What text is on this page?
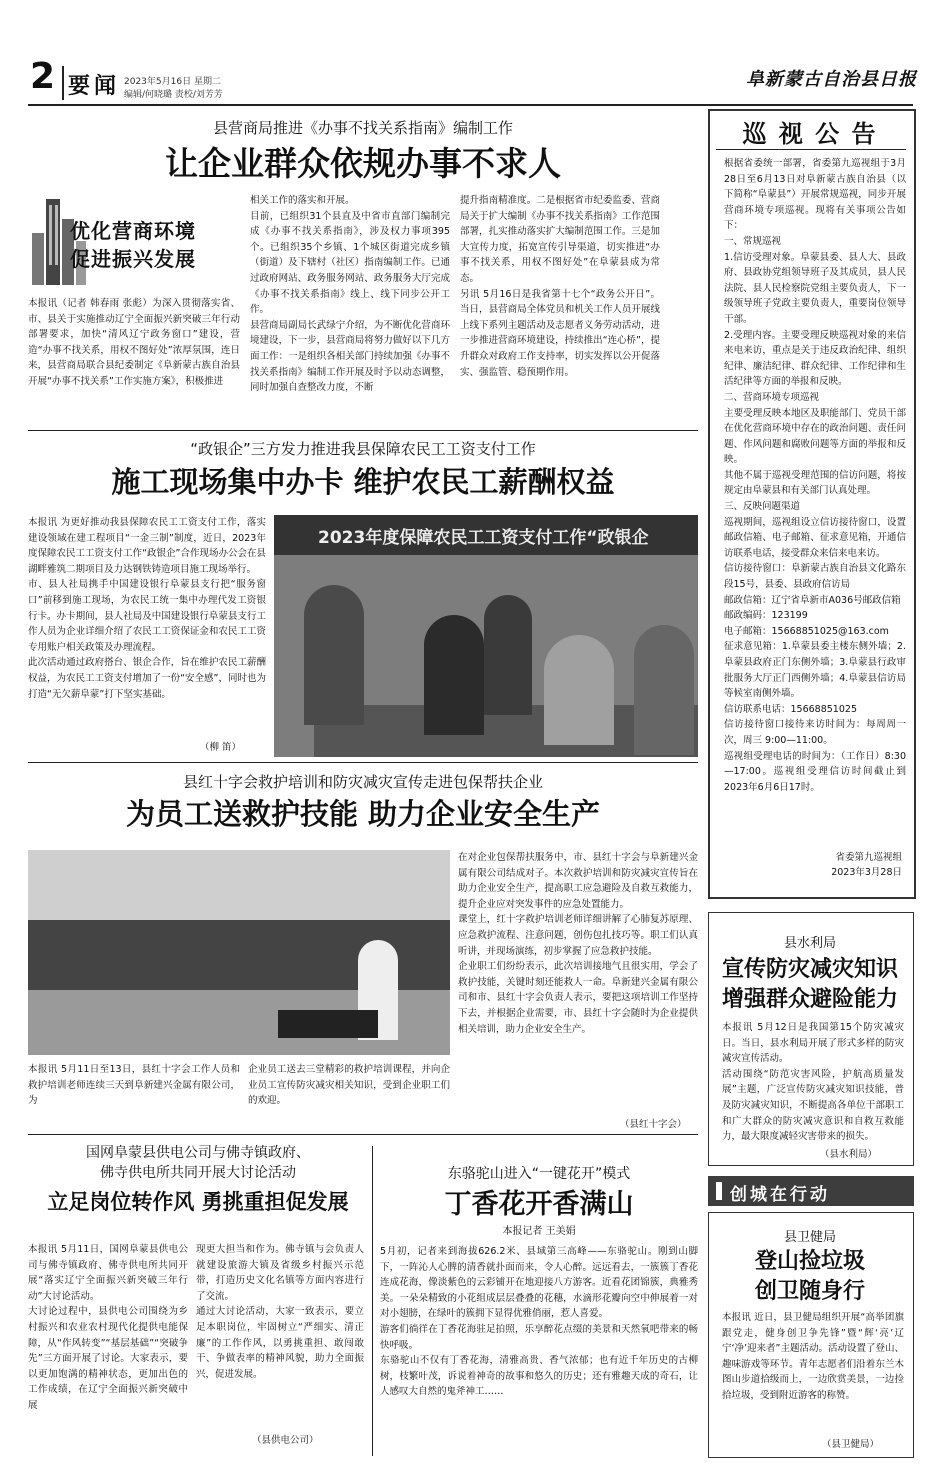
2 要闻 2023年5月16日 星期二
编辑/何晓璐 责校/刘芳芳
阜新蒙古自治县日报
县营商局推进《办事不找关系指南》编制工作
让企业群众依规办事不求人
优化营商环境
促进振兴发展
本报讯（记者 韩春雨 张彪）为深入贯彻落实省、市、县关于实施推动辽宁全面振兴新突破三年行动部署要求，加快“清风辽宁政务窗口”建设，营造“办事不找关系，用权不图好处”浓厚氛围，连日来，县营商局联合县纪委制定《阜新蒙古族自治县开展“办事不找关系”工作实施方案》，积极推进
相关工作的落实和开展。
目前，已组织31个县直及中省市直部门编制完成《办事不找关系指南》，涉及权力事项395个。已组织35个乡镇、1个城区街道完成乡镇（街道）及下辖村（社区）指南编制工作。已通过政府网站、政务服务网站、政务服务大厅完成《办事不找关系指南》线上、线下同步公开工作。
县营商局副局长武绿宁介绍，为不断优化营商环境建设，下一步，县营商局将努力做好以下几方面工作：一是组织各相关部门持续加强《办事不找关系指南》编制工作开展及时予以动态调整，同时加强自查整改力度，不断
提升指南精准度。二是根据省市纪委监委、营商局关于扩大编制《办事不找关系指南》工作范围部署，扎实推动落实扩大编制范围工作。三是加大宣传力度，拓宽宣传引导渠道，切实推进“办事不找关系，用权不图好处”在阜蒙县成为常态。
另讯 5月16日是我省第十七个“政务公开日”。当日，县营商局全体党员和机关工作人员开展线上线下系列主题活动及志愿者义务劳动活动，进一步推进营商环境建设，持续推出“连心桥”，提升群众对政府工作支持率，切实发挥以公开促落实、强监管、稳预期作用。
“政银企”三方发力推进我县保障农民工工资支付工作
施工现场集中办卡 维护农民工薪酬权益
本报讯 为更好推动我县保障农民工工资支付工作，落实建设领域在建工程项目“一金三制”制度，近日，2023年度保障农民工工资支付工作“政银企”合作现场办公会在县湖畔雅筑二期项目及力达钢铁铸造项目施工现场举行。
市、县人社局携手中国建设银行阜蒙县支行把“服务窗口”前移到施工现场，为农民工统一集中办理代发工资银行卡。办卡期间，县人社局及中国建设银行阜蒙县支行工作人员为企业详细介绍了农民工工资保证金和农民工工资专用账户相关政策及办理流程。
此次活动通过政府搭台、银企合作，旨在维护农民工薪酬权益，为农民工工资支付增加了一份“安全感”，同时也为打造“无欠薪阜蒙”打下坚实基础。
（柳 笛）
2023年度保障农民工工资支付工作“政银企
县红十字会救护培训和防灾减灾宣传走进包保帮扶企业
为员工送救护技能 助力企业安全生产
本报讯 5月11日至13日，县红十字会工作人员和救护培训老师连续三天到阜新建兴金属有限公司，为
企业员工送去三堂精彩的救护培训课程，并向企业员工宣传防灾减灾相关知识，受到企业职工们的欢迎。
在对企业包保帮扶服务中，市、县红十字会与阜新建兴金属有限公司结成对子。本次救护培训和防灾减灾宣传旨在助力企业安全生产，提高职工应急避险及自救互救能力，提升企业应对突发事件的应急处置能力。
课堂上，红十字救护培训老师详细讲解了心肺复苏原理、应急救护流程、注意问题，创伤包扎技巧等。职工们认真听讲，并现场演练，初步掌握了应急救护技能。
企业职工们纷纷表示，此次培训接地气且很实用，学会了救护技能，关键时刻还能救人一命。阜新建兴金属有限公司和市、县红十字会负责人表示，要把这项培训工作坚持下去，并根据企业需要，市、县红十字会随时为企业提供相关培训，助力企业安全生产。
（县红十字会）
国网阜蒙县供电公司与佛寺镇政府、
佛寺供电所共同开展大讨论活动
立足岗位转作风 勇挑重担促发展
本报讯 5月11日，国网阜蒙县供电公司与佛寺镇政府、佛寺供电所共同开展“落实辽宁全面振兴新突破三年行动”大讨论活动。
大讨论过程中，县供电公司围绕为乡村振兴和农业农村现代化提供电能保障，从“作风转变”“基层基础”“突破争先”三方面开展了讨论。大家表示，要以更加饱满的精神状态，更加出色的工作成绩，在辽宁全面振兴新突破中展
现更大担当和作为。佛寺镇与会负责人就建设旅游大镇及省级乡村振兴示范带，打造历史文化名镇等方面内容进行了交流。
通过大讨论活动，大家一致表示，要立足本职岗位，牢固树立“严细实、清正廉”的工作作风，以勇挑重担、敢闯敢干、争做表率的精神风貌，助力全面振兴，促进发展。
（县供电公司）
东骆驼山进入“一键花开”模式
丁香花开香满山
本报记者 王美娟
5月初，记者来到海拔626.2米、县域第三高峰——东骆驼山。刚到山脚下，一阵沁人心脾的清香就扑面而来，令人心醉。远远看去，一簇簇丁香花连成花海，像淡紫色的云彩铺开在地迎接八方游客。近看花团锦簇，典雅秀美。一朵朵精致的小花组成层层叠叠的花穗，水滴形花瓣向空中伸展着一对对小翅膀，在绿叶的簇拥下显得优雅俏丽，惹人喜爱。
游客们徜徉在丁香花海驻足拍照，乐享醉花点缀的美景和天然氧吧带来的畅快呼吸。
东骆驼山不仅有丁香花海，清雅高贵、香气浓郁；也有近千年历史的古柳树，枝繁叶茂，诉说着神奇的故事和悠久的历史；还有雅趣天成的奇石，让人感叹大自然的鬼斧神工……
巡 视 公 告
根据省委统一部署，省委第九巡视组于3月28日至6月13日对阜新蒙古族自治县（以下简称“阜蒙县”）开展常规巡视，同步开展营商环境专项巡视。现将有关事项公告如下：
一、常规巡视
1.信访受理对象。阜蒙县委、县人大、县政府、县政协党组领导班子及其成员，县人民法院、县人民检察院党组主要负责人，下一级领导班子党政主要负责人，重要岗位领导干部。
2.受理内容。主要受理反映巡视对象的来信来电来访，重点是关于违反政治纪律、组织纪律、廉洁纪律、群众纪律、工作纪律和生活纪律等方面的举报和反映。
二、营商环境专项巡视
主要受理反映本地区及职能部门、党员干部在优化营商环境中存在的政治问题、责任问题、作风问题和腐败问题等方面的举报和反映。
其他不属于巡视受理范围的信访问题，将按规定由阜蒙县和有关部门认真处理。
三、反映问题渠道
巡视期间，巡视组设立信访接待窗口，设置邮政信箱、电子邮箱、征求意见箱，开通信访联系电话，接受群众来信来电来访。
信访接待窗口：阜新蒙古族自治县文化路东段15号，县委、县政府信访局
邮政信箱：辽宁省阜新市A036号邮政信箱
邮政编码：123199
电子邮箱：15668851025@163.com
征求意见箱：1.阜蒙县委主楼东侧外墙；2.阜蒙县政府正门东侧外墙；3.阜蒙县行政审批服务大厅正门西侧外墙；4.阜蒙县信访局等候室南侧外墙。
信访联系电话：15668851025
信访接待窗口接待来访时间为：每周周一次，周三 9:00—11:00。
巡视组受理电话的时间为：（工作日）8:30—17:00。巡视组受理信访时间截止到2023年6月6日17时。
省委第九巡视组
2023年3月28日
县水利局
宣传防灾减灾知识
增强群众避险能力
本报讯 5月12日是我国第15个防灾减灾日。当日，县水利局开展了形式多样的防灾减灾宣传活动。
活动围绕“防范灾害风险，护航高质量发展”主题，广泛宣传防灾减灾知识技能，普及防灾减灾知识，不断提高各单位干部职工和广大群众的防灾减灾意识和自救互救能力，最大限度减轻灾害带来的损失。
（县水利局）
创城在行动
县卫健局
登山捡垃圾
创卫随身行
本报讯 近日，县卫健局组织开展“高举团旗跟党走，健身创卫争先锋”暨“辉‘亮’辽宁‘净’迎来者”主题活动。活动设置了登山、趣味游戏等环节。青年志愿者们沿着东兰木图山步道拾级而上，一边欣赏美景，一边捡拾垃圾，受到附近游客的称赞。
（县卫健局）
